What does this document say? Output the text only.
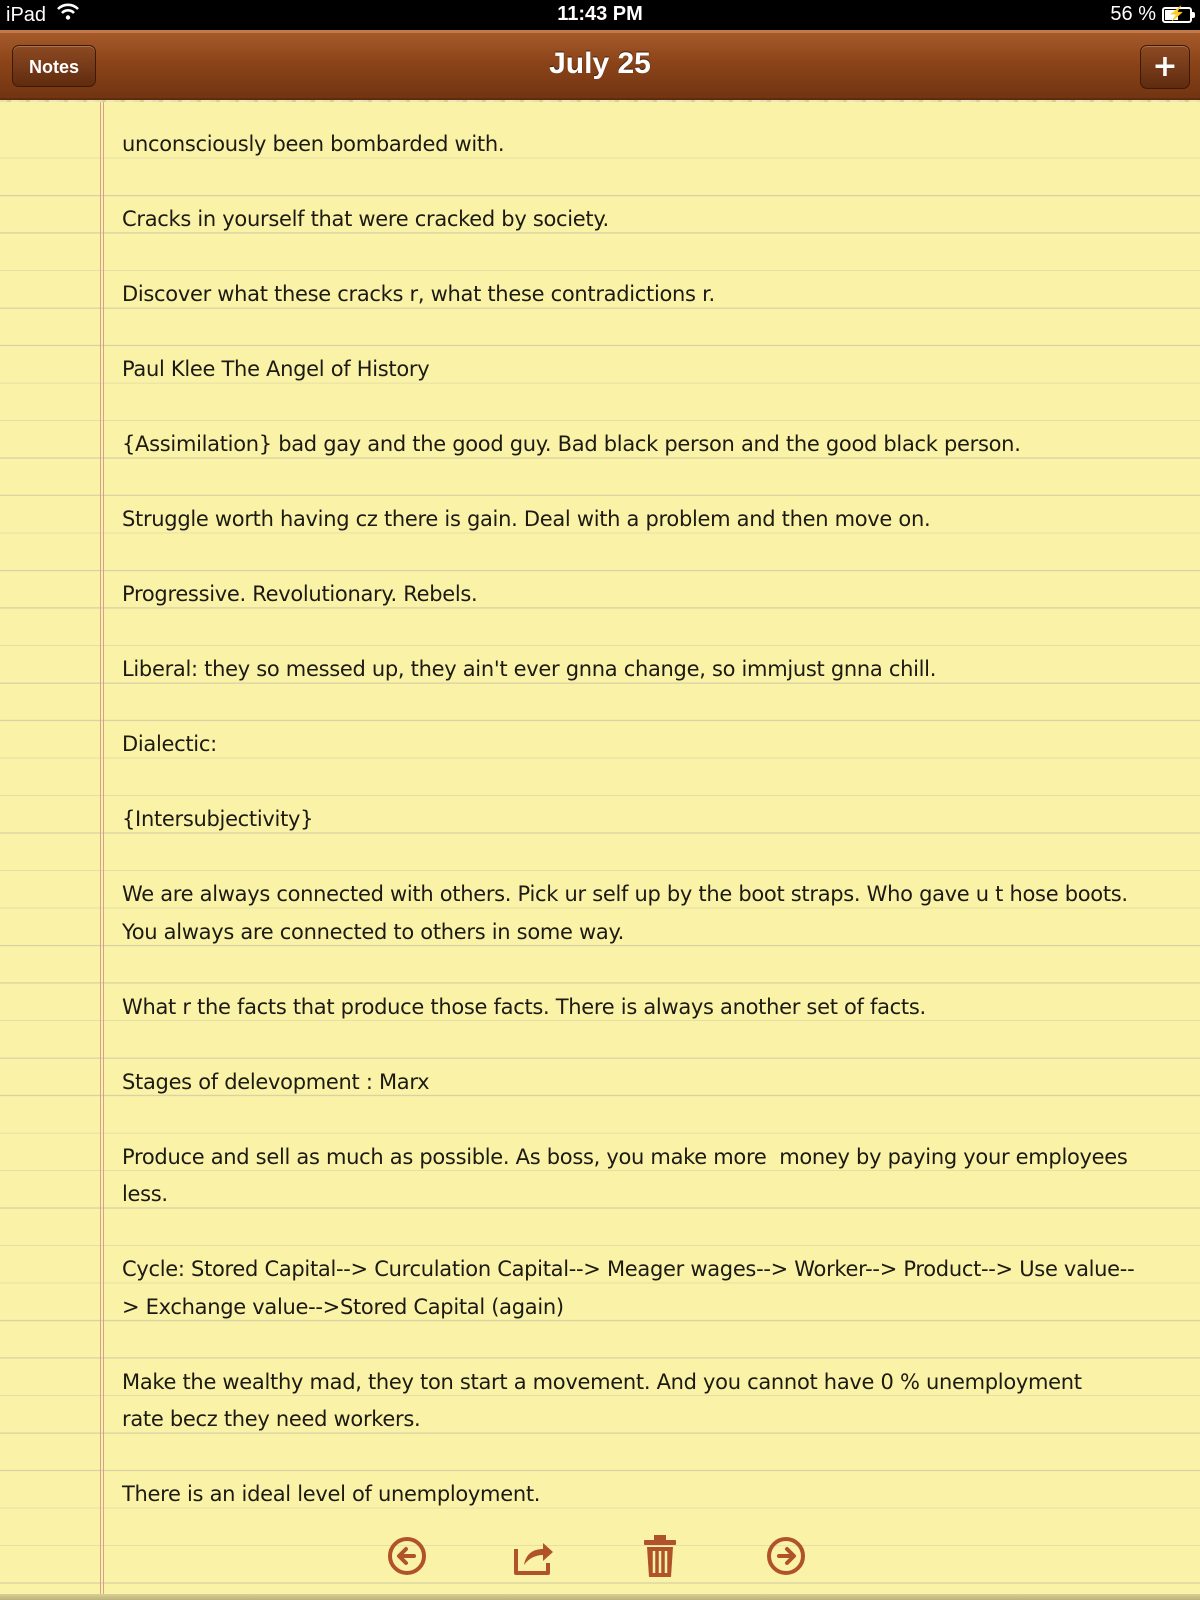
iPad	11:43 PM	56 % ⚡
Notes	July 25	+

unconsciously been bombarded with.

Cracks in yourself that were cracked by society.

Discover what these cracks r, what these contradictions r.

Paul Klee The Angel of History

{Assimilation} bad gay and the good guy. Bad black person and the good black person.

Struggle worth having cz there is gain. Deal with a problem and then move on.

Progressive. Revolutionary. Rebels.

Liberal: they so messed up, they ain't ever gnna change, so immjust gnna chill.

Dialectic:

{Intersubjectivity}

We are always connected with others. Pick ur self up by the boot straps. Who gave u t hose boots.

You always are connected to others in some way.

What r the facts that produce those facts. There is always another set of facts.

Stages of delevopment : Marx

Produce and sell as much as possible. As boss, you make more  money by paying your employees

less.

Cycle: Stored Capital--> Curculation Capital--> Meager wages--> Worker--> Product--> Use value--

> Exchange value-->Stored Capital (again)

Make the wealthy mad, they ton start a movement. And you cannot have 0 % unemployment

rate becz they need workers.

There is an ideal level of unemployment.
